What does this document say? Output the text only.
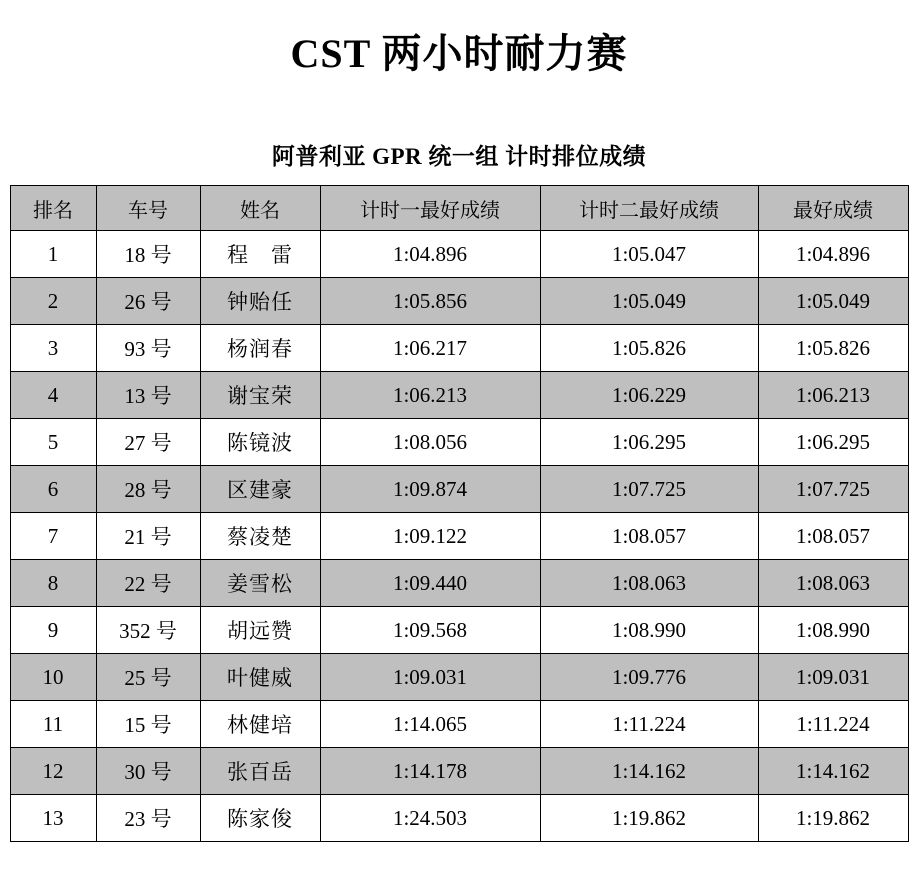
CST 两小时耐力赛
阿普利亚 GPR 统一组 计时排位成绩
排名	车号	姓名	计时一最好成绩	计时二最好成绩	最好成绩
1	18 号	程　雷	1:04.896	1:05.047	1:04.896
2	26 号	钟贻任	1:05.856	1:05.049	1:05.049
3	93 号	杨润春	1:06.217	1:05.826	1:05.826
4	13 号	谢宝荣	1:06.213	1:06.229	1:06.213
5	27 号	陈镜波	1:08.056	1:06.295	1:06.295
6	28 号	区建豪	1:09.874	1:07.725	1:07.725
7	21 号	蔡凌楚	1:09.122	1:08.057	1:08.057
8	22 号	姜雪松	1:09.440	1:08.063	1:08.063
9	352 号	胡远赞	1:09.568	1:08.990	1:08.990
10	25 号	叶健威	1:09.031	1:09.776	1:09.031
11	15 号	林健培	1:14.065	1:11.224	1:11.224
12	30 号	张百岳	1:14.178	1:14.162	1:14.162
13	23 号	陈家俊	1:24.503	1:19.862	1:19.862
